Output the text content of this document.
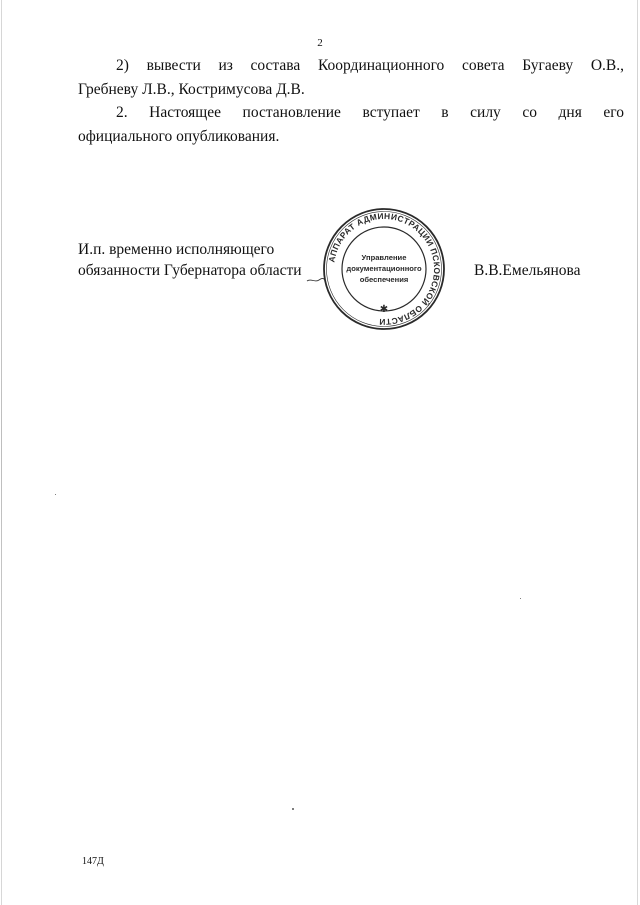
2

2) вывести из состава Координационного совета Бугаеву О.В.,

Гребневу Л.В., Костримусова Д.В.

2. Настоящее постановление вступает в силу со дня его

официального опубликования.

И.п. временно исполняющего
обязанности Губернатора области
АППАРАТ АДМИНИСТРАЦИИ ПСКОВСКОЙ ОБЛАСТИ
Управление
документационного
обеспечения
✱
В.В.Емельянова
147Д
